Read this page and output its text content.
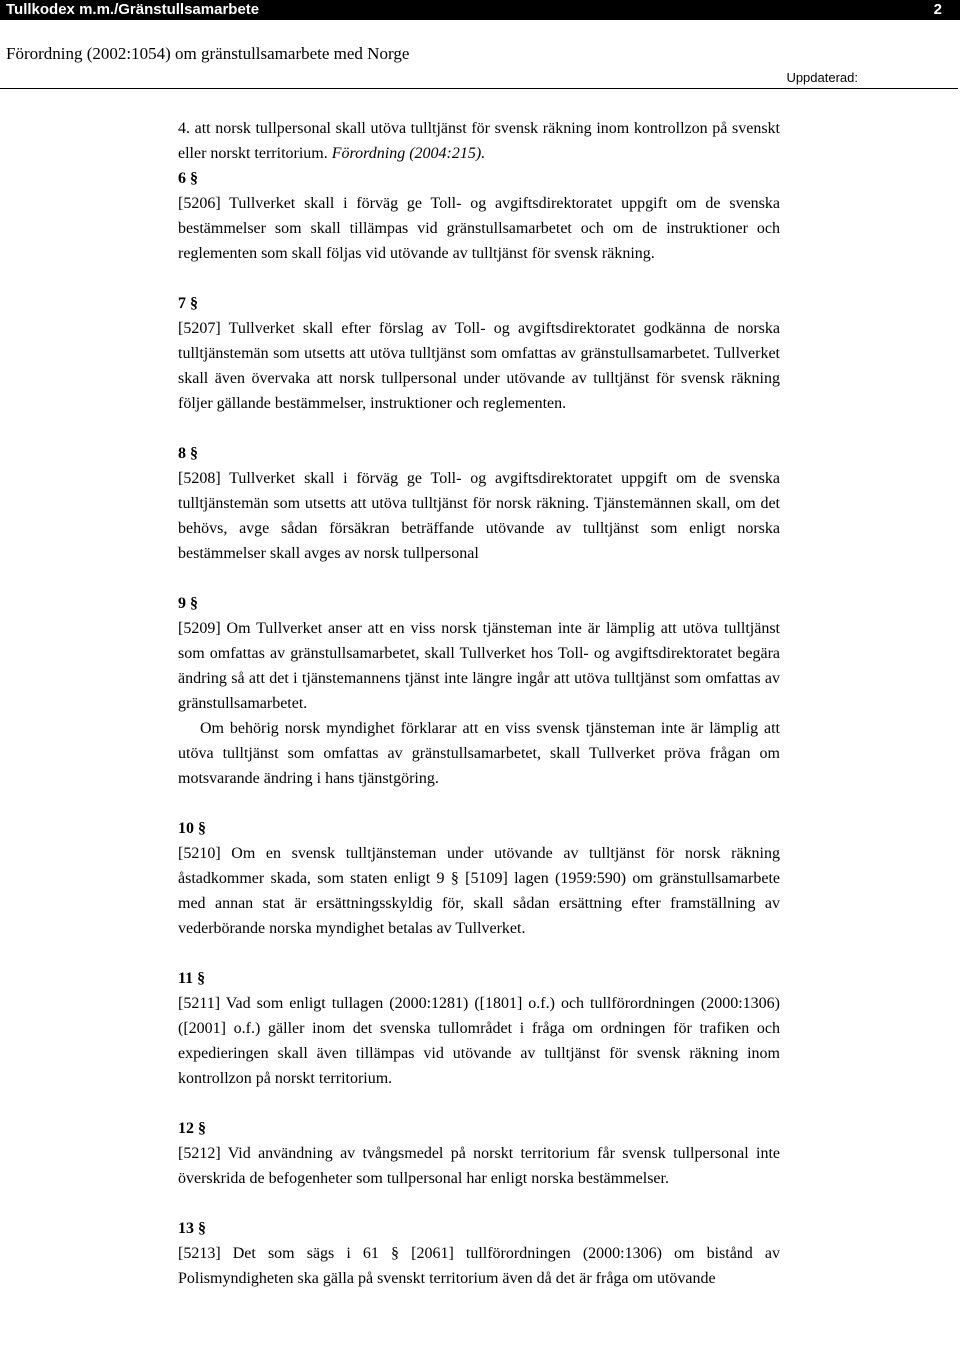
Tullkodex m.m./Gränstullsamarbete	2
Förordning (2002:1054) om gränstullsamarbete med Norge
Uppdaterad:

4. att norsk tullpersonal skall utöva tulltjänst för svensk räkning inom kontrollzon på svenskt eller norskt territorium. Förordning (2004:215).

6 §

[5206] Tullverket skall i förväg ge Toll- og avgiftsdirektoratet uppgift om de svenska bestämmelser som skall tillämpas vid gränstullsamarbetet och om de instruktioner och reglementen som skall följas vid utövande av tulltjänst för svensk räkning.

7 §

[5207] Tullverket skall efter förslag av Toll- og avgiftsdirektoratet godkänna de norska tulltjänstemän som utsetts att utöva tulltjänst som omfattas av gränstullsamarbetet. Tullverket skall även övervaka att norsk tullpersonal under utövande av tulltjänst för svensk räkning följer gällande bestämmelser, instruktioner och reglementen.

8 §

[5208] Tullverket skall i förväg ge Toll- og avgiftsdirektoratet uppgift om de svenska tulltjänstemän som utsetts att utöva tulltjänst för norsk räkning. Tjänstemännen skall, om det behövs, avge sådan försäkran beträffande utövande av tulltjänst som enligt norska bestämmelser skall avges av norsk tullpersonal

9 §

[5209] Om Tullverket anser att en viss norsk tjänsteman inte är lämplig att utöva tulltjänst som omfattas av gränstullsamarbetet, skall Tullverket hos Toll- og avgiftsdirektoratet begära ändring så att det i tjänstemannens tjänst inte längre ingår att utöva tulltjänst som omfattas av gränstullsamarbetet.

Om behörig norsk myndighet förklarar att en viss svensk tjänsteman inte är lämplig att utöva tulltjänst som omfattas av gränstullsamarbetet, skall Tullverket pröva frågan om motsvarande ändring i hans tjänstgöring.

10 §

[5210] Om en svensk tulltjänsteman under utövande av tulltjänst för norsk räkning åstadkommer skada, som staten enligt 9 § [5109] lagen (1959:590) om gränstullsamarbete med annan stat är ersättningsskyldig för, skall sådan ersättning efter framställning av vederbörande norska myndighet betalas av Tullverket.

11 §

[5211] Vad som enligt tullagen (2000:1281) ([1801] o.f.) och tullförordningen (2000:1306) ([2001] o.f.) gäller inom det svenska tullområdet i fråga om ordningen för trafiken och expedieringen skall även tillämpas vid utövande av tulltjänst för svensk räkning inom kontrollzon på norskt territorium.

12 §

[5212] Vid användning av tvångsmedel på norskt territorium får svensk tullpersonal inte överskrida de befogenheter som tullpersonal har enligt norska bestämmelser.

13 §

[5213] Det som sägs i 61 § [2061] tullförordningen (2000:1306) om bistånd av Polismyndigheten ska gälla på svenskt territorium även då det är fråga om utövande
